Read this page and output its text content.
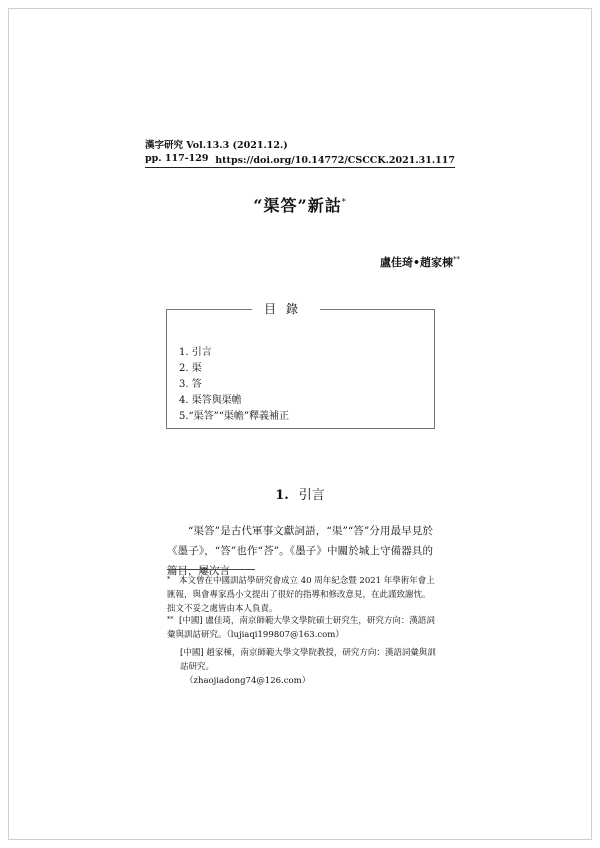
漢字研究 Vol.13.3 (2021.12.)
pp. 117-129 https://doi.org/10.14772/CSCCK.2021.31.117
“渠答”新詁*
盧佳琦•趙家棟**
目錄
1. 引言
2. 渠
3. 答
4. 渠答與渠幨
5.“渠答”“渠幨”釋義補正
1. 引言

“渠答”是古代軍事文獻詞語，“渠”“答”分用最早見於《墨子》，“答”也作“荅”。《墨子》中關於城上守備器具的篇目，屢次言

* 本文曾在中國訓詁學研究會成立 40 周年紀念暨 2021 年學術年會上匯報，與會專家爲小文提出了很好的指導和修改意見，在此謹致謝忱。拙文不妥之處皆由本人負責。

** [中國] 盧佳琦，南京師範大學文學院碩士研究生，研究方向：漢語詞彙與訓詁研究。（lujiaqi199807@163.com）

[中國] 趙家棟，南京師範大學文學院教授，研究方向：漢語詞彙與訓詁研究。
（zhaojiadong74@126.com）
